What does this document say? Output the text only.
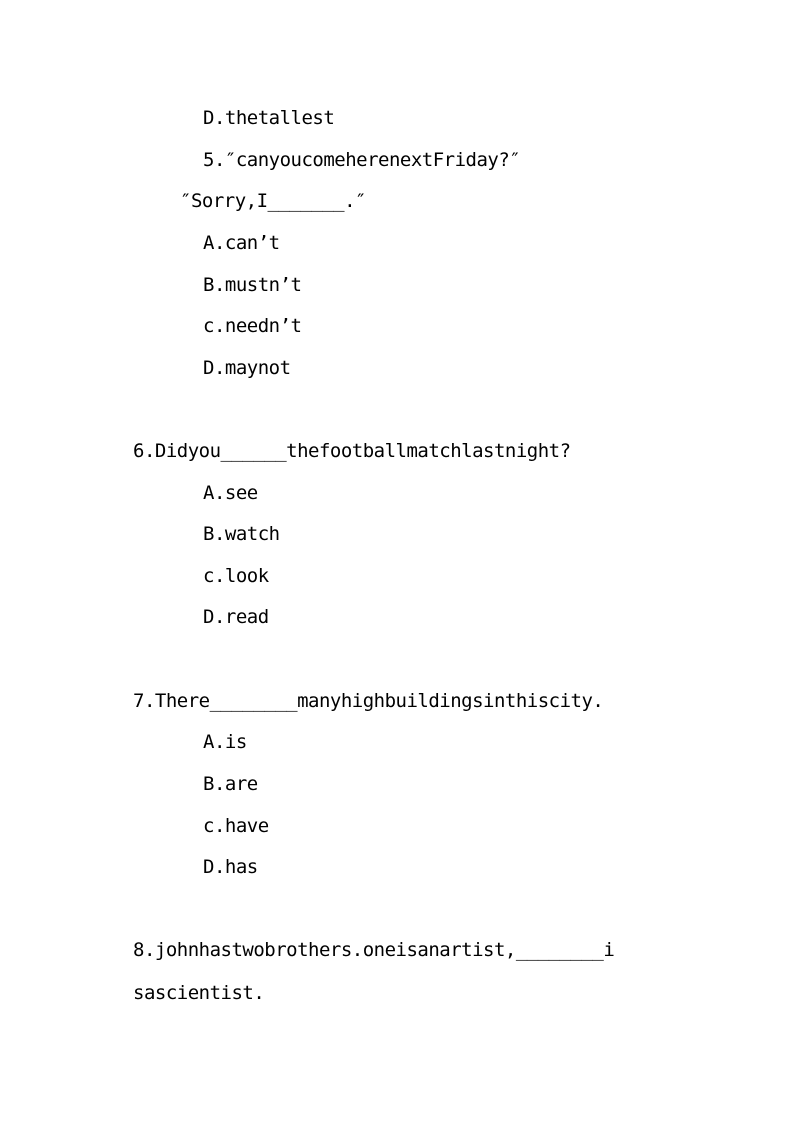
D.thetallest
5.″canyoucomeherenextFriday?″
″Sorry,I_______.″
A.can’t
B.mustn’t
c.needn’t
D.maynot
6.Didyou______thefootballmatchlastnight?
A.see
B.watch
c.look
D.read
7.There________manyhighbuildingsinthiscity.
A.is
B.are
c.have
D.has
8.johnhastwobrothers.oneisanartist,________i
sascientist.
